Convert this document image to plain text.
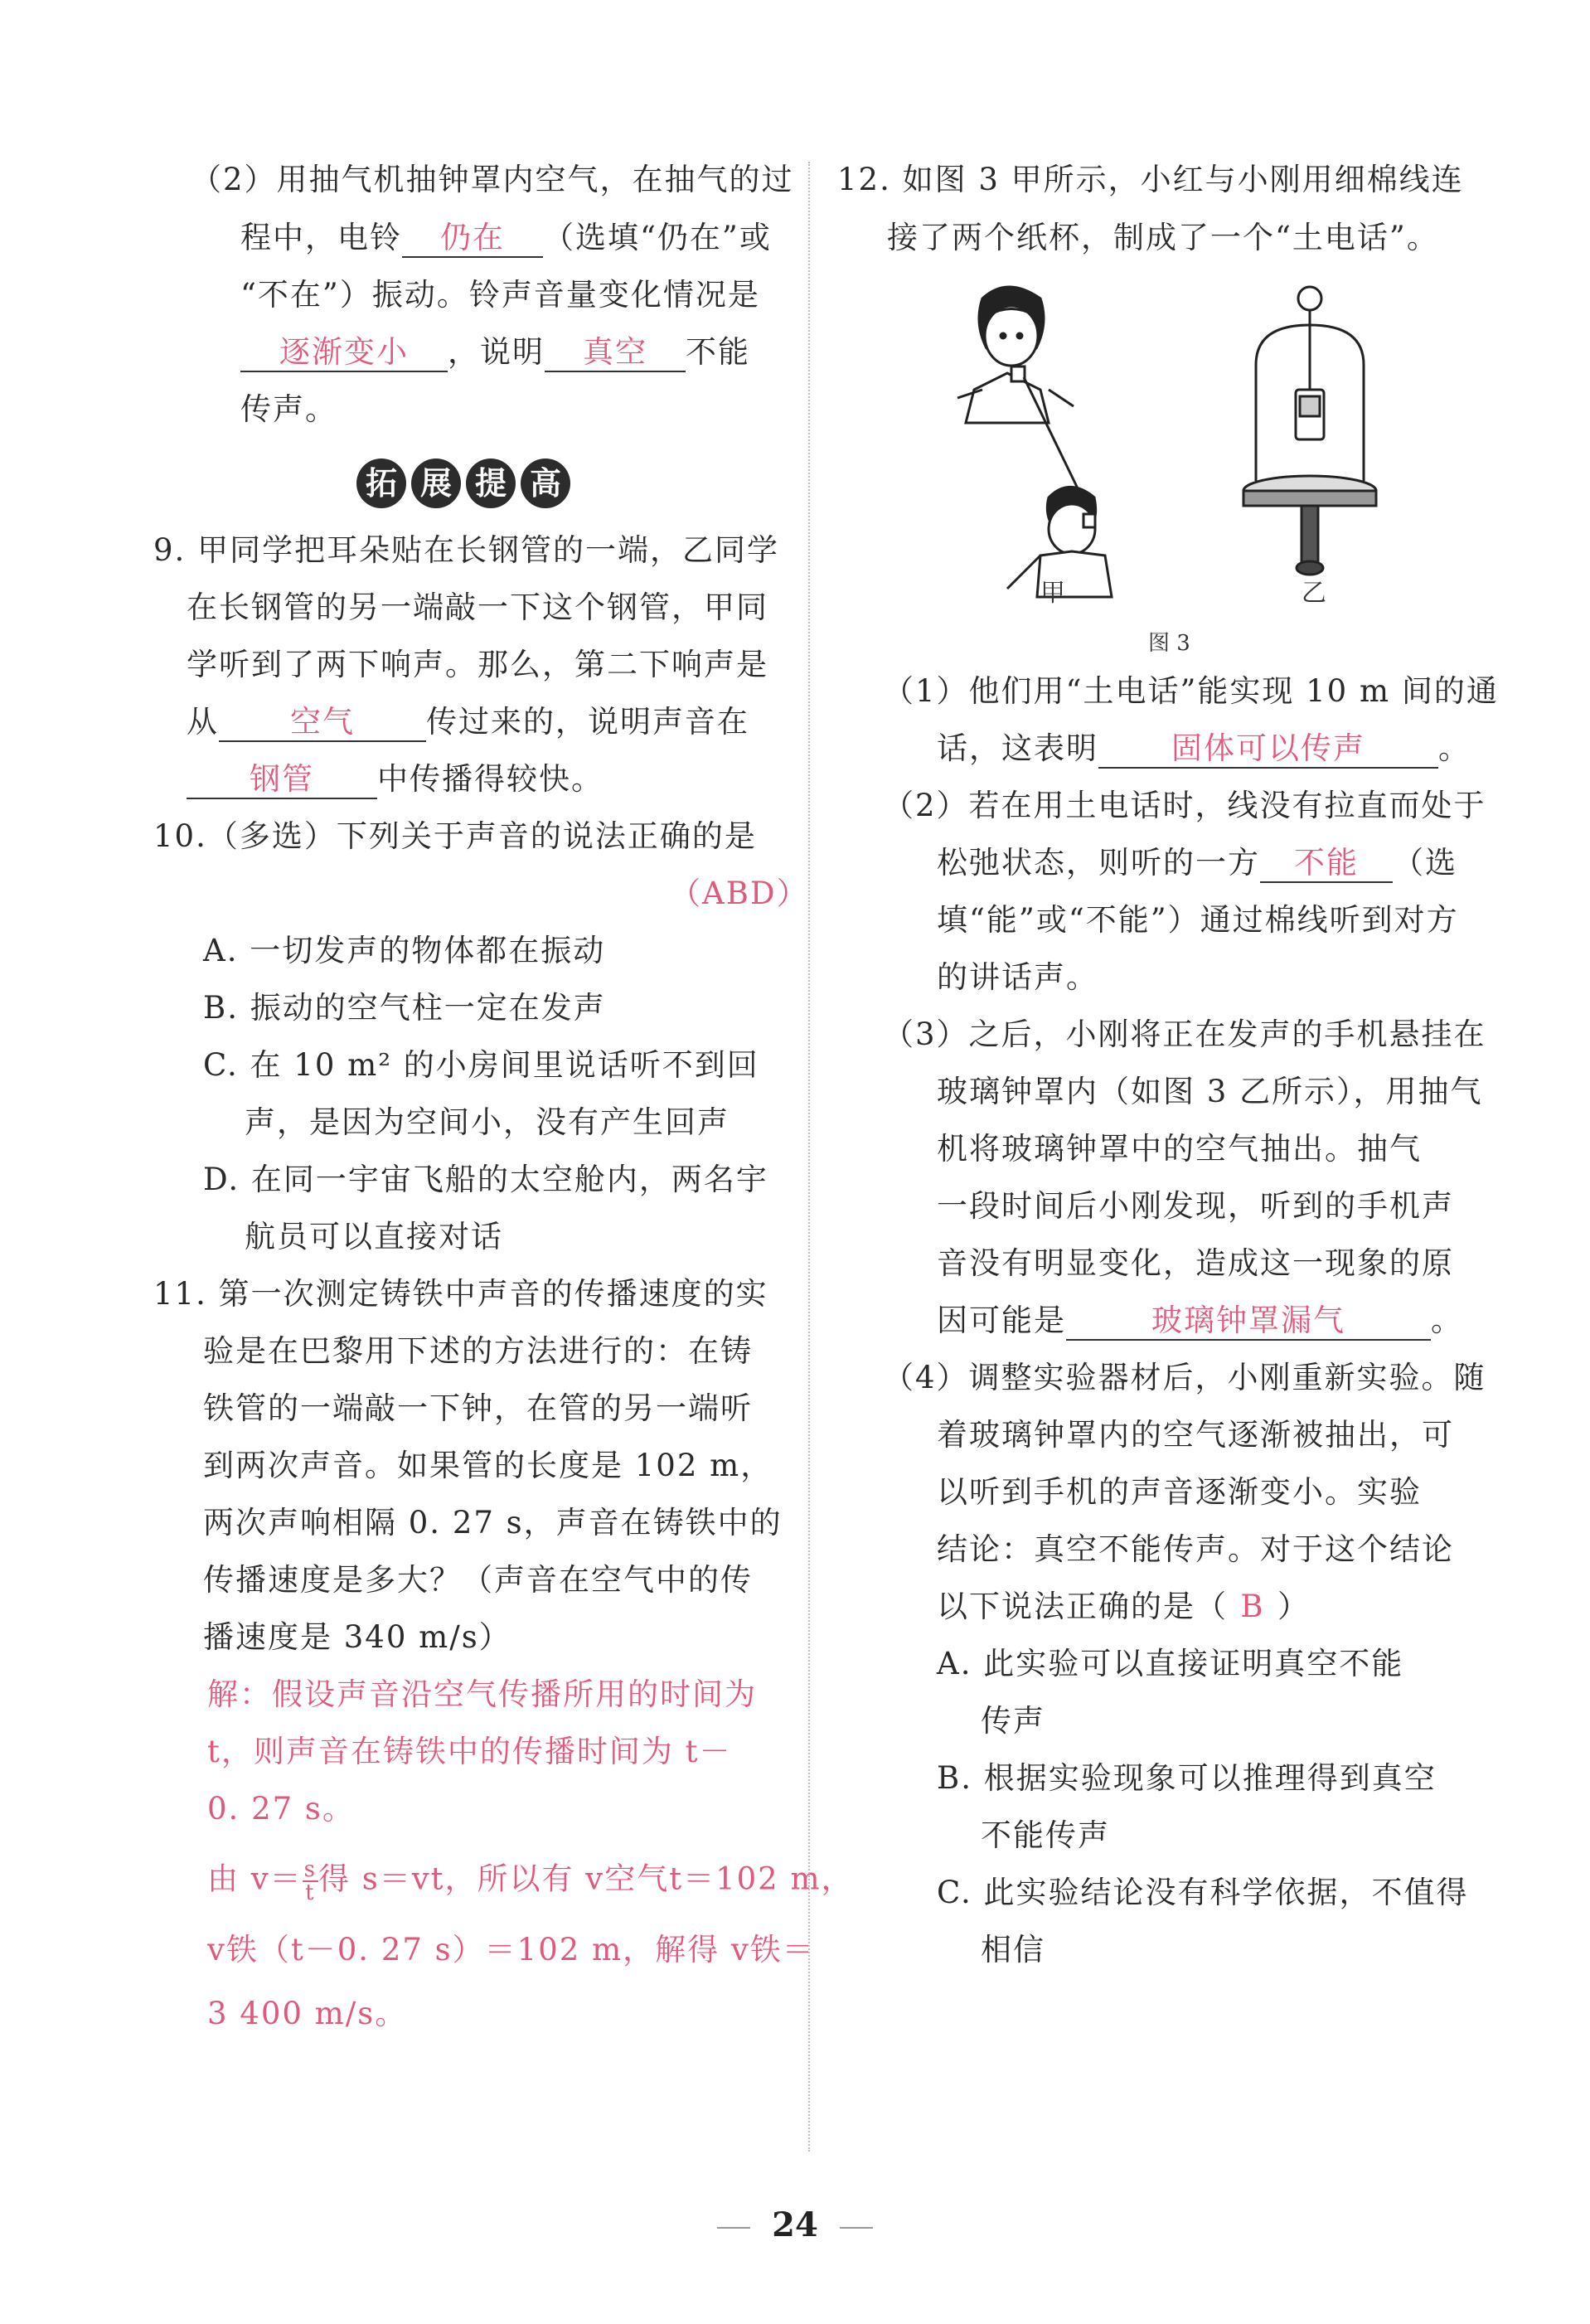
（2）用抽气机抽钟罩内空气，在抽气的过
程中，电铃 仍在 （选填“仍在”或
“不在”）振动。铃声音量变化情况是
逐渐变小 ，说明 真空 不能
传声。
拓 展 提 高
9. 甲同学把耳朵贴在长钢管的一端，乙同学
在长钢管的另一端敲一下这个钢管，甲同
学听到了两下响声。那么，第二下响声是
从 空气 传过来的，说明声音在
钢管 中传播得较快。
10.（多选）下列关于声音的说法正确的是
（ABD）
A. 一切发声的物体都在振动
B. 振动的空气柱一定在发声
C. 在 10 m² 的小房间里说话听不到回
声，是因为空间小，没有产生回声
D. 在同一宇宙飞船的太空舱内，两名宇
航员可以直接对话
11. 第一次测定铸铁中声音的传播速度的实
验是在巴黎用下述的方法进行的：在铸
铁管的一端敲一下钟，在管的另一端听
到两次声音。如果管的长度是 102 m，
两次声响相隔 0. 27 s，声音在铸铁中的
传播速度是多大？（声音在空气中的传
播速度是 340 m/s）
解：假设声音沿空气传播所用的时间为
t，则声音在铸铁中的传播时间为 t－
0. 27 s。
由 $v= \frac{s}{t}$ 得 s＝vt，所以有 v空气t＝102 m，
v铁（t－0. 27 s）＝102 m，解得 v铁＝
3 400 m/s。
12. 如图 3 甲所示，小红与小刚用细棉线连
接了两个纸杯，制成了一个“土电话”。
甲	乙
图 3
（1）他们用“土电话”能实现 10 m 间的通
话，这表明 固体可以传声 。
（2）若在用土电话时，线没有拉直而处于
松弛状态，则听的一方 不能 （选
填“能”或“不能”）通过棉线听到对方
的讲话声。
（3）之后，小刚将正在发声的手机悬挂在
玻璃钟罩内（如图 3 乙所示），用抽气
机将玻璃钟罩中的空气抽出。抽气
一段时间后小刚发现，听到的手机声
音没有明显变化，造成这一现象的原
因可能是	玻璃钟罩漏气	。
（4）调整实验器材后，小刚重新实验。随
着玻璃钟罩内的空气逐渐被抽出，可
以听到手机的声音逐渐变小。实验
结论：真空不能传声。对于这个结论
以下说法正确的是（ B ）
A. 此实验可以直接证明真空不能
传声
B. 根据实验现象可以推理得到真空
不能传声
C. 此实验结论没有科学依据，不值得
相信
24
